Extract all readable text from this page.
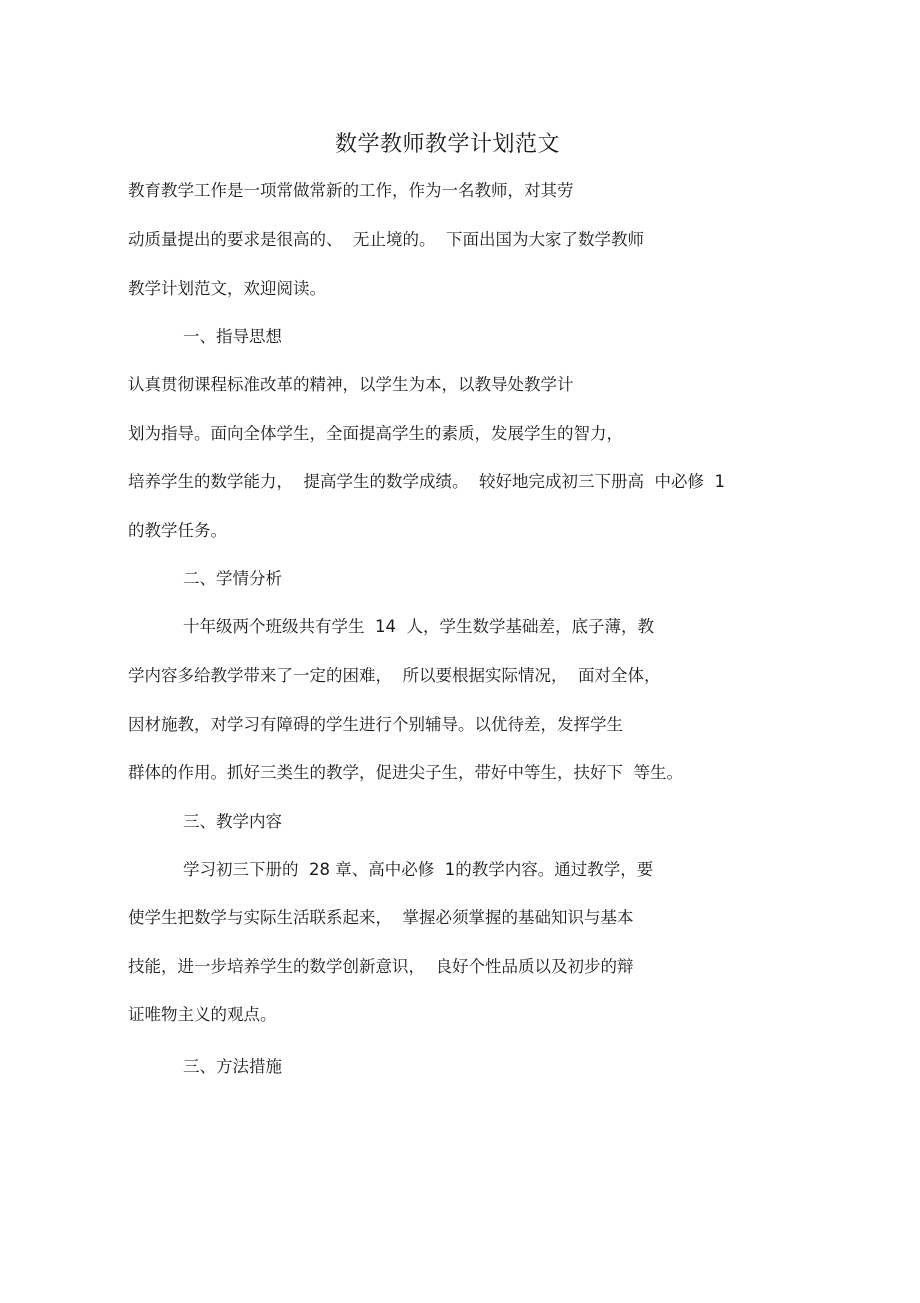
数学教师教学计划范文
教育教学工作是一项常做常新的工作，作为一名教师，对其劳
动质量提出的要求是很高的、  无止境的。  下面出国为大家了数学教师
教学计划范文，欢迎阅读。
一、指导思想
认真贯彻课程标准改革的精神，以学生为本，以教导处教学计
划为指导。面向全体学生，全面提高学生的素质，发展学生的智力，
培养学生的数学能力，  提高学生的数学成绩。  较好地完成初三下册高  中必修  1
的教学任务。
二、学情分析
十年级两个班级共有学生  14  人，学生数学基础差，底子薄，教
学内容多给教学带来了一定的困难，  所以要根据实际情况，  面对全体，
因材施教，对学习有障碍的学生进行个别辅导。以优待差，发挥学生
群体的作用。抓好三类生的教学，促进尖子生，带好中等生，扶好下  等生。
三、教学内容
学习初三下册的  28 章、高中必修  1的教学内容。通过教学，要
使学生把数学与实际生活联系起来，  掌握必须掌握的基础知识与基本
技能，进一步培养学生的数学创新意识，  良好个性品质以及初步的辩
证唯物主义的观点。
三、方法措施
